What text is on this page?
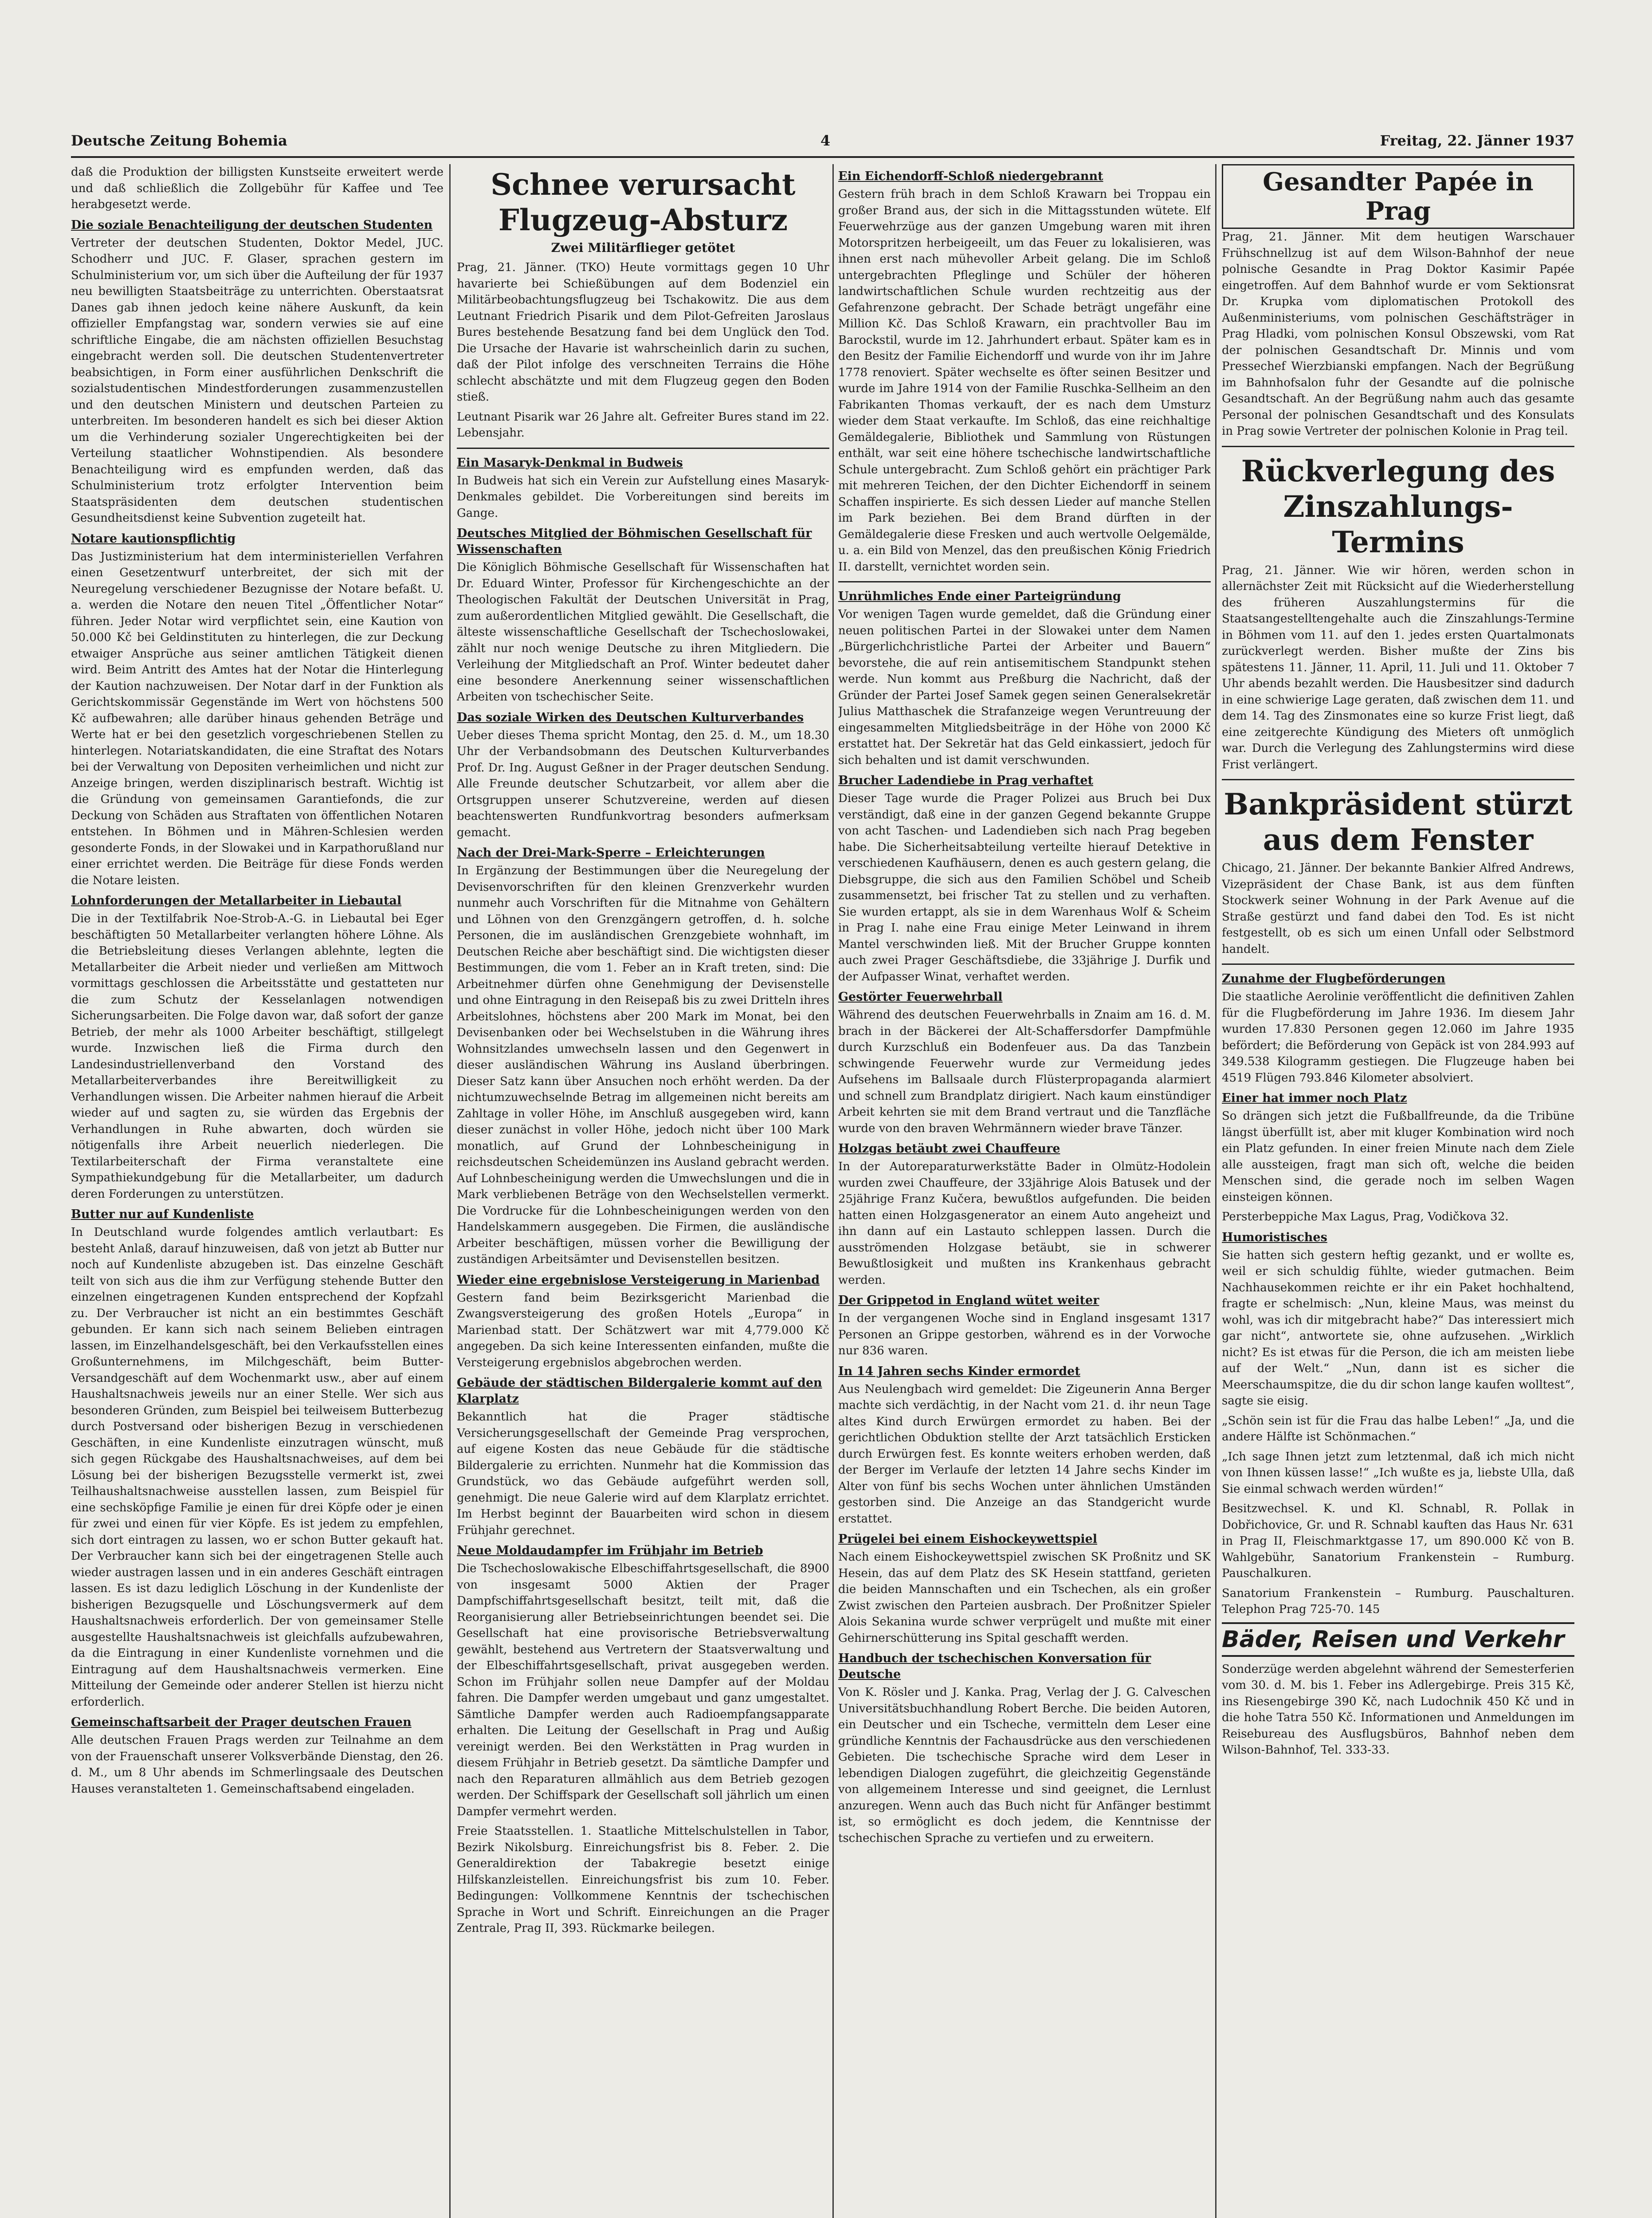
Deutsche Zeitung Bohemia	4	Freitag, 22. Jänner 1937

daß die Produktion der billigsten Kunstseite erweitert werde und daß schließlich die Zollgebühr für Kaffee und Tee herabgesetzt werde.

Die soziale Benachteiligung der deutschen Studenten

Vertreter der deutschen Studenten, Doktor Medel, JUC. Schodherr und JUC. F. Glaser, sprachen gestern im Schulministerium vor, um sich über die Aufteilung der für 1937 neu bewilligten Staatsbeiträge zu unterrichten. Oberstaatsrat Danes gab ihnen jedoch keine nähere Auskunft, da kein offizieller Empfangstag war, sondern verwies sie auf eine schriftliche Eingabe, die am nächsten offiziellen Besuchstag eingebracht werden soll. Die deutschen Studentenvertreter beabsichtigen, in Form einer ausführlichen Denkschrift die sozialstudentischen Mindestforderungen zusammenzustellen und den deutschen Ministern und deutschen Parteien zu unterbreiten. Im besonderen handelt es sich bei dieser Aktion um die Verhinderung sozialer Ungerechtigkeiten bei der Verteilung staatlicher Wohnstipendien. Als besondere Benachteiligung wird es empfunden werden, daß das Schulministerium trotz erfolgter Intervention beim Staatspräsidenten dem deutschen studentischen Gesundheitsdienst keine Subvention zugeteilt hat.

Notare kautionspflichtig

Das Justizministerium hat dem interministeriellen Verfahren einen Gesetzentwurf unterbreitet, der sich mit der Neuregelung verschiedener Bezugnisse der Notare befaßt. U. a. werden die Notare den neuen Titel „Öffentlicher Notar“ führen. Jeder Notar wird verpflichtet sein, eine Kaution von 50.000 Kč bei Geldinstituten zu hinterlegen, die zur Deckung etwaiger Ansprüche aus seiner amtlichen Tätigkeit dienen wird. Beim Antritt des Amtes hat der Notar die Hinterlegung der Kaution nachzuweisen. Der Notar darf in der Funktion als Gerichtskommissär Gegenstände im Wert von höchstens 500 Kč aufbewahren; alle darüber hinaus gehenden Beträge und Werte hat er bei den gesetzlich vorgeschriebenen Stellen zu hinterlegen. Notariatskandidaten, die eine Straftat des Notars bei der Verwaltung von Depositen verheimlichen und nicht zur Anzeige bringen, werden disziplinarisch bestraft. Wichtig ist die Gründung von gemeinsamen Garantiefonds, die zur Deckung von Schäden aus Straftaten von öffentlichen Notaren entstehen. In Böhmen und in Mähren-Schlesien werden gesonderte Fonds, in der Slowakei und in Karpathorußland nur einer errichtet werden. Die Beiträge für diese Fonds werden die Notare leisten.

Lohnforderungen der Metallarbeiter in Liebautal

Die in der Textilfabrik Noe-Strob-A.-G. in Liebautal bei Eger beschäftigten 50 Metallarbeiter verlangten höhere Löhne. Als die Betriebsleitung dieses Verlangen ablehnte, legten die Metallarbeiter die Arbeit nieder und verließen am Mittwoch vormittags geschlossen die Arbeitsstätte und gestatteten nur die zum Schutz der Kesselanlagen notwendigen Sicherungsarbeiten. Die Folge davon war, daß sofort der ganze Betrieb, der mehr als 1000 Arbeiter beschäftigt, stillgelegt wurde. Inzwischen ließ die Firma durch den Landesindustriellenverband den Vorstand des Metallarbeiterverbandes ihre Bereitwilligkeit zu Verhandlungen wissen. Die Arbeiter nahmen hierauf die Arbeit wieder auf und sagten zu, sie würden das Ergebnis der Verhandlungen in Ruhe abwarten, doch würden sie nötigenfalls ihre Arbeit neuerlich niederlegen. Die Textilarbeiterschaft der Firma veranstaltete eine Sympathiekundgebung für die Metallarbeiter, um dadurch deren Forderungen zu unterstützen.

Butter nur auf Kundenliste

In Deutschland wurde folgendes amtlich verlautbart: Es besteht Anlaß, darauf hinzuweisen, daß von jetzt ab Butter nur noch auf Kundenliste abzugeben ist. Das einzelne Geschäft teilt von sich aus die ihm zur Verfügung stehende Butter den einzelnen eingetragenen Kunden entsprechend der Kopfzahl zu. Der Verbraucher ist nicht an ein bestimmtes Geschäft gebunden. Er kann sich nach seinem Belieben eintragen lassen, im Einzelhandelsgeschäft, bei den Verkaufsstellen eines Großunternehmens, im Milchgeschäft, beim Butter-Versandgeschäft auf dem Wochenmarkt usw., aber auf einem Haushaltsnachweis jeweils nur an einer Stelle. Wer sich aus besonderen Gründen, zum Beispiel bei teilweisem Butterbezug durch Postversand oder bisherigen Bezug in verschiedenen Geschäften, in eine Kundenliste einzutragen wünscht, muß sich gegen Rückgabe des Haushaltsnachweises, auf dem bei Lösung bei der bisherigen Bezugsstelle vermerkt ist, zwei Teilhaushaltsnachweise ausstellen lassen, zum Beispiel für eine sechsköpfige Familie je einen für drei Köpfe oder je einen für zwei und einen für vier Köpfe. Es ist jedem zu empfehlen, sich dort eintragen zu lassen, wo er schon Butter gekauft hat. Der Verbraucher kann sich bei der eingetragenen Stelle auch wieder austragen lassen und in ein anderes Geschäft eintragen lassen. Es ist dazu lediglich Löschung in der Kundenliste der bisherigen Bezugsquelle und Löschungsvermerk auf dem Haushaltsnachweis erforderlich. Der von gemeinsamer Stelle ausgestellte Haushaltsnachweis ist gleichfalls aufzubewahren, da die Eintragung in einer Kundenliste vornehmen und die Eintragung auf dem Haushaltsnachweis vermerken. Eine Mitteilung der Gemeinde oder anderer Stellen ist hierzu nicht erforderlich.

Gemeinschaftsarbeit der Prager deutschen Frauen

Alle deutschen Frauen Prags werden zur Teilnahme an dem von der Frauenschaft unserer Volksverbände Dienstag, den 26. d. M., um 8 Uhr abends im Schmerlingsaale des Deutschen Hauses veranstalteten 1. Gemeinschaftsabend eingeladen.

Schnee verursacht Flugzeug-Absturz
Zwei Militärflieger getötet

Prag, 21. Jänner. (TKO) Heute vormittags gegen 10 Uhr havarierte bei Schießübungen auf dem Bodenziel ein Militärbeobachtungsflugzeug bei Tschakowitz. Die aus dem Leutnant Friedrich Pisarik und dem Pilot-Gefreiten Jaroslaus Bures bestehende Besatzung fand bei dem Unglück den Tod. Die Ursache der Havarie ist wahrscheinlich darin zu suchen, daß der Pilot infolge des verschneiten Terrains die Höhe schlecht abschätzte und mit dem Flugzeug gegen den Boden stieß.

Leutnant Pisarik war 26 Jahre alt. Gefreiter Bures stand im 22. Lebensjahr.

Ein Masaryk-Denkmal in Budweis

In Budweis hat sich ein Verein zur Aufstellung eines Masaryk-Denkmales gebildet. Die Vorbereitungen sind bereits im Gange.

Deutsches Mitglied der Böhmischen Gesellschaft für Wissenschaften

Die Königlich Böhmische Gesellschaft für Wissenschaften hat Dr. Eduard Winter, Professor für Kirchengeschichte an der Theologischen Fakultät der Deutschen Universität in Prag, zum außerordentlichen Mitglied gewählt. Die Gesellschaft, die älteste wissenschaftliche Gesellschaft der Tschechoslowakei, zählt nur noch wenige Deutsche zu ihren Mitgliedern. Die Verleihung der Mitgliedschaft an Prof. Winter bedeutet daher eine besondere Anerkennung seiner wissenschaftlichen Arbeiten von tschechischer Seite.

Das soziale Wirken des Deutschen Kulturverbandes

Ueber dieses Thema spricht Montag, den 25. d. M., um 18.30 Uhr der Verbandsobmann des Deutschen Kulturverbandes Prof. Dr. Ing. August Geßner in der Prager deutschen Sendung. Alle Freunde deutscher Schutzarbeit, vor allem aber die Ortsgruppen unserer Schutzvereine, werden auf diesen beachtenswerten Rundfunkvortrag besonders aufmerksam gemacht.

Nach der Drei-Mark-Sperre – Erleichterungen

In Ergänzung der Bestimmungen über die Neuregelung der Devisenvorschriften für den kleinen Grenzverkehr wurden nunmehr auch Vorschriften für die Mitnahme von Gehältern und Löhnen von den Grenzgängern getroffen, d. h. solche Personen, die im ausländischen Grenzgebiete wohnhaft, im Deutschen Reiche aber beschäftigt sind. Die wichtigsten dieser Bestimmungen, die vom 1. Feber an in Kraft treten, sind: Die Arbeitnehmer dürfen ohne Genehmigung der Devisenstelle und ohne Eintragung in den Reisepaß bis zu zwei Dritteln ihres Arbeitslohnes, höchstens aber 200 Mark im Monat, bei den Devisenbanken oder bei Wechselstuben in die Währung ihres Wohnsitzlandes umwechseln lassen und den Gegenwert in dieser ausländischen Währung ins Ausland überbringen. Dieser Satz kann über Ansuchen noch erhöht werden. Da der nichtumzuwechselnde Betrag im allgemeinen nicht bereits am Zahltage in voller Höhe, im Anschluß ausgegeben wird, kann dieser zunächst in voller Höhe, jedoch nicht über 100 Mark monatlich, auf Grund der Lohnbescheinigung in reichsdeutschen Scheidemünzen ins Ausland gebracht werden. Auf Lohnbescheinigung werden die Umwechslungen und die in Mark verbliebenen Beträge von den Wechselstellen vermerkt. Die Vordrucke für die Lohnbescheinigungen werden von den Handelskammern ausgegeben. Die Firmen, die ausländische Arbeiter beschäftigen, müssen vorher die Bewilligung der zuständigen Arbeitsämter und Devisenstellen besitzen.

Wieder eine ergebnislose Versteigerung in Marienbad

Gestern fand beim Bezirksgericht Marienbad die Zwangsversteigerung des großen Hotels „Europa“ in Marienbad statt. Der Schätzwert war mit 4,779.000 Kč angegeben. Da sich keine Interessenten einfanden, mußte die Versteigerung ergebnislos abgebrochen werden.

Gebäude der städtischen Bildergalerie kommt auf den Klarplatz

Bekanntlich hat die Prager städtische Versicherungsgesellschaft der Gemeinde Prag versprochen, auf eigene Kosten das neue Gebäude für die städtische Bildergalerie zu errichten. Nunmehr hat die Kommission das Grundstück, wo das Gebäude aufgeführt werden soll, genehmigt. Die neue Galerie wird auf dem Klarplatz errichtet. Im Herbst beginnt der Bauarbeiten wird schon in diesem Frühjahr gerechnet.

Neue Moldaudampfer im Frühjahr im Betrieb

Die Tschechoslowakische Elbeschiffahrtsgesellschaft, die 8900 von insgesamt 5000 Aktien der Prager Dampfschiffahrtsgesellschaft besitzt, teilt mit, daß die Reorganisierung aller Betriebseinrichtungen beendet sei. Die Gesellschaft hat eine provisorische Betriebsverwaltung gewählt, bestehend aus Vertretern der Staatsverwaltung und der Elbeschiffahrtsgesellschaft, privat ausgegeben werden. Schon im Frühjahr sollen neue Dampfer auf der Moldau fahren. Die Dampfer werden umgebaut und ganz umgestaltet. Sämtliche Dampfer werden auch Radioempfangsapparate erhalten. Die Leitung der Gesellschaft in Prag und Außig vereinigt werden. Bei den Werkstätten in Prag wurden in diesem Frühjahr in Betrieb gesetzt. Da sämtliche Dampfer und nach den Reparaturen allmählich aus dem Betrieb gezogen werden. Der Schiffspark der Gesellschaft soll jährlich um einen Dampfer vermehrt werden.

Freie Staatsstellen. 1. Staatliche Mittelschulstellen in Tabor, Bezirk Nikolsburg. Einreichungsfrist bis 8. Feber. 2. Die Generaldirektion der Tabakregie besetzt einige Hilfskanzleistellen. Einreichungsfrist bis zum 10. Feber. Bedingungen: Vollkommene Kenntnis der tschechischen Sprache in Wort und Schrift. Einreichungen an die Prager Zentrale, Prag II, 393. Rückmarke beilegen.

Ein Eichendorff-Schloß niedergebrannt

Gestern früh brach in dem Schloß Krawarn bei Troppau ein großer Brand aus, der sich in die Mittagsstunden wütete. Elf Feuerwehrzüge aus der ganzen Umgebung waren mit ihren Motorspritzen herbeigeeilt, um das Feuer zu lokalisieren, was ihnen erst nach mühevoller Arbeit gelang. Die im Schloß untergebrachten Pfleglinge und Schüler der höheren landwirtschaftlichen Schule wurden rechtzeitig aus der Gefahrenzone gebracht. Der Schade beträgt ungefähr eine Million Kč. Das Schloß Krawarn, ein prachtvoller Bau im Barockstil, wurde im 12. Jahrhundert erbaut. Später kam es in den Besitz der Familie Eichendorff und wurde von ihr im Jahre 1778 renoviert. Später wechselte es öfter seinen Besitzer und wurde im Jahre 1914 von der Familie Ruschka-Sellheim an den Fabrikanten Thomas verkauft, der es nach dem Umsturz wieder dem Staat verkaufte. Im Schloß, das eine reichhaltige Gemäldegalerie, Bibliothek und Sammlung von Rüstungen enthält, war seit eine höhere tschechische landwirtschaftliche Schule untergebracht. Zum Schloß gehört ein prächtiger Park mit mehreren Teichen, der den Dichter Eichendorff in seinem Schaffen inspirierte. Es sich dessen Lieder auf manche Stellen im Park beziehen. Bei dem Brand dürften in der Gemäldegalerie diese Fresken und auch wertvolle Oelgemälde, u. a. ein Bild von Menzel, das den preußischen König Friedrich II. darstellt, vernichtet worden sein.

Unrühmliches Ende einer Parteigründung

Vor wenigen Tagen wurde gemeldet, daß die Gründung einer neuen politischen Partei in der Slowakei unter dem Namen „Bürgerlichchristliche Partei der Arbeiter und Bauern“ bevorstehe, die auf rein antisemitischem Standpunkt stehen werde. Nun kommt aus Preßburg die Nachricht, daß der Gründer der Partei Josef Samek gegen seinen Generalsekretär Julius Matthaschek die Strafanzeige wegen Veruntreuung der eingesammelten Mitgliedsbeiträge in der Höhe von 2000 Kč erstattet hat. Der Sekretär hat das Geld einkassiert, jedoch für sich behalten und ist damit verschwunden.

Brucher Ladendiebe in Prag verhaftet

Dieser Tage wurde die Prager Polizei aus Bruch bei Dux verständigt, daß eine in der ganzen Gegend bekannte Gruppe von acht Taschen- und Ladendieben sich nach Prag begeben habe. Die Sicherheitsabteilung verteilte hierauf Detektive in verschiedenen Kaufhäusern, denen es auch gestern gelang, die Diebsgruppe, die sich aus den Familien Schöbel und Scheib zusammensetzt, bei frischer Tat zu stellen und zu verhaften. Sie wurden ertappt, als sie in dem Warenhaus Wolf & Scheim in Prag I. nahe eine Frau einige Meter Leinwand in ihrem Mantel verschwinden ließ. Mit der Brucher Gruppe konnten auch zwei Prager Geschäftsdiebe, die 33jährige J. Durfik und der Aufpasser Winat, verhaftet werden.

Gestörter Feuerwehrball

Während des deutschen Feuerwehrballs in Znaim am 16. d. M. brach in der Bäckerei der Alt-Schaffersdorfer Dampfmühle durch Kurzschluß ein Bodenfeuer aus. Da das Tanzbein schwingende Feuerwehr wurde zur Vermeidung jedes Aufsehens im Ballsaale durch Flüsterpropaganda alarmiert und schnell zum Brandplatz dirigiert. Nach kaum einstündiger Arbeit kehrten sie mit dem Brand vertraut und die Tanzfläche wurde von den braven Wehrmännern wieder brave Tänzer.

Holzgas betäubt zwei Chauffeure

In der Autoreparaturwerkstätte Bader in Olmütz-Hodolein wurden zwei Chauffeure, der 33jährige Alois Batusek und der 25jährige Franz Kučera, bewußtlos aufgefunden. Die beiden hatten einen Holzgasgenerator an einem Auto angeheizt und ihn dann auf ein Lastauto schleppen lassen. Durch die ausströmenden Holzgase betäubt, sie in schwerer Bewußtlosigkeit und mußten ins Krankenhaus gebracht werden.

Der Grippetod in England wütet weiter

In der vergangenen Woche sind in England insgesamt 1317 Personen an Grippe gestorben, während es in der Vorwoche nur 836 waren.

In 14 Jahren sechs Kinder ermordet

Aus Neulengbach wird gemeldet: Die Zigeunerin Anna Berger machte sich verdächtig, in der Nacht vom 21. d. ihr neun Tage altes Kind durch Erwürgen ermordet zu haben. Bei der gerichtlichen Obduktion stellte der Arzt tatsächlich Ersticken durch Erwürgen fest. Es konnte weiters erhoben werden, daß der Berger im Verlaufe der letzten 14 Jahre sechs Kinder im Alter von fünf bis sechs Wochen unter ähnlichen Umständen gestorben sind. Die Anzeige an das Standgericht wurde erstattet.

Prügelei bei einem Eishockeywettspiel

Nach einem Eishockeywettspiel zwischen SK Proßnitz und SK Hesein, das auf dem Platz des SK Hesein stattfand, gerieten die beiden Mannschaften und ein Tschechen, als ein großer Zwist zwischen den Parteien ausbrach. Der Proßnitzer Spieler Alois Sekanina wurde schwer verprügelt und mußte mit einer Gehirnerschütterung ins Spital geschafft werden.

Handbuch der tschechischen Konversation für Deutsche

Von K. Rösler und J. Kanka. Prag, Verlag der J. G. Calveschen Universitätsbuchhandlung Robert Berche. Die beiden Autoren, ein Deutscher und ein Tscheche, vermitteln dem Leser eine gründliche Kenntnis der Fachausdrücke aus den verschiedenen Gebieten. Die tschechische Sprache wird dem Leser in lebendigen Dialogen zugeführt, die gleichzeitig Gegenstände von allgemeinem Interesse und sind geeignet, die Lernlust anzuregen. Wenn auch das Buch nicht für Anfänger bestimmt ist, so ermöglicht es doch jedem, die Kenntnisse der tschechischen Sprache zu vertiefen und zu erweitern.

Gesandter Papée in Prag

Prag, 21. Jänner. Mit dem heutigen Warschauer Frühschnellzug ist auf dem Wilson-Bahnhof der neue polnische Gesandte in Prag Doktor Kasimir Papée eingetroffen. Auf dem Bahnhof wurde er vom Sektionsrat Dr. Krupka vom diplomatischen Protokoll des Außenministeriums, vom polnischen Geschäftsträger in Prag Hladki, vom polnischen Konsul Obszewski, vom Rat der polnischen Gesandtschaft Dr. Minnis und vom Pressechef Wierzbianski empfangen. Nach der Begrüßung im Bahnhofsalon fuhr der Gesandte auf die polnische Gesandtschaft. An der Begrüßung nahm auch das gesamte Personal der polnischen Gesandtschaft und des Konsulats in Prag sowie Vertreter der polnischen Kolonie in Prag teil.

Rückverlegung des Zinszahlungs-Termins

Prag, 21. Jänner. Wie wir hören, werden schon in allernächster Zeit mit Rücksicht auf die Wiederherstellung des früheren Auszahlungstermins für die Staatsangestelltengehalte auch die Zinszahlungs-Termine in Böhmen vom 11. auf den 1. jedes ersten Quartalmonats zurückverlegt werden. Bisher mußte der Zins bis spätestens 11. Jänner, 11. April, 11. Juli und 11. Oktober 7 Uhr abends bezahlt werden. Die Hausbesitzer sind dadurch in eine schwierige Lage geraten, daß zwischen dem 11. und dem 14. Tag des Zinsmonates eine so kurze Frist liegt, daß eine zeitgerechte Kündigung des Mieters oft unmöglich war. Durch die Verlegung des Zahlungstermins wird diese Frist verlängert.

Bankpräsident stürzt aus dem Fenster

Chicago, 21. Jänner. Der bekannte Bankier Alfred Andrews, Vizepräsident der Chase Bank, ist aus dem fünften Stockwerk seiner Wohnung in der Park Avenue auf die Straße gestürzt und fand dabei den Tod. Es ist nicht festgestellt, ob es sich um einen Unfall oder Selbstmord handelt.

Zunahme der Flugbeförderungen

Die staatliche Aerolinie veröffentlicht die definitiven Zahlen für die Flugbeförderung im Jahre 1936. Im diesem Jahr wurden 17.830 Personen gegen 12.060 im Jahre 1935 befördert; die Beförderung von Gepäck ist von 284.993 auf 349.538 Kilogramm gestiegen. Die Flugzeuge haben bei 4519 Flügen 793.846 Kilometer absolviert.

Einer hat immer noch Platz

So drängen sich jetzt die Fußballfreunde, da die Tribüne längst überfüllt ist, aber mit kluger Kombination wird noch ein Platz gefunden. In einer freien Minute nach dem Ziele alle aussteigen, fragt man sich oft, welche die beiden Menschen sind, die gerade noch im selben Wagen einsteigen können.

Persterbeppiche Max Lagus, Prag, Vodičkova 32.

Humoristisches

Sie hatten sich gestern heftig gezankt, und er wollte es, weil er sich schuldig fühlte, wieder gutmachen. Beim Nachhausekommen reichte er ihr ein Paket hochhaltend, fragte er schelmisch: „Nun, kleine Maus, was meinst du wohl, was ich dir mitgebracht habe?“ Das interessiert mich gar nicht“, antwortete sie, ohne aufzusehen. „Wirklich nicht? Es ist etwas für die Person, die ich am meisten liebe auf der Welt.“ „Nun, dann ist es sicher die Meerschaumspitze, die du dir schon lange kaufen wolltest“, sagte sie eisig.

„Schön sein ist für die Frau das halbe Leben!“ „Ja, und die andere Hälfte ist Schönmachen.“

„Ich sage Ihnen jetzt zum letztenmal, daß ich mich nicht von Ihnen küssen lasse!“ „Ich wußte es ja, liebste Ulla, daß Sie einmal schwach werden würden!“

Besitzwechsel. K. und Kl. Schnabl, R. Pollak in Dobřichovice, Gr. und R. Schnabl kauften das Haus Nr. 631 in Prag II, Fleischmarktgasse 17, um 890.000 Kč von B. Wahlgebühr, Sanatorium Frankenstein – Rumburg. Pauschalkuren.

Sanatorium Frankenstein – Rumburg. Pauschalturen. Telephon Prag 725-70. 145

Bäder, Reisen und Verkehr

Sonderzüge werden abgelehnt während der Semesterferien vom 30. d. M. bis 1. Feber ins Adlergebirge. Preis 315 Kč, ins Riesengebirge 390 Kč, nach Ludochnik 450 Kč und in die hohe Tatra 550 Kč. Informationen und Anmeldungen im Reisebureau des Ausflugsbüros, Bahnhof neben dem Wilson-Bahnhof, Tel. 333-33.
